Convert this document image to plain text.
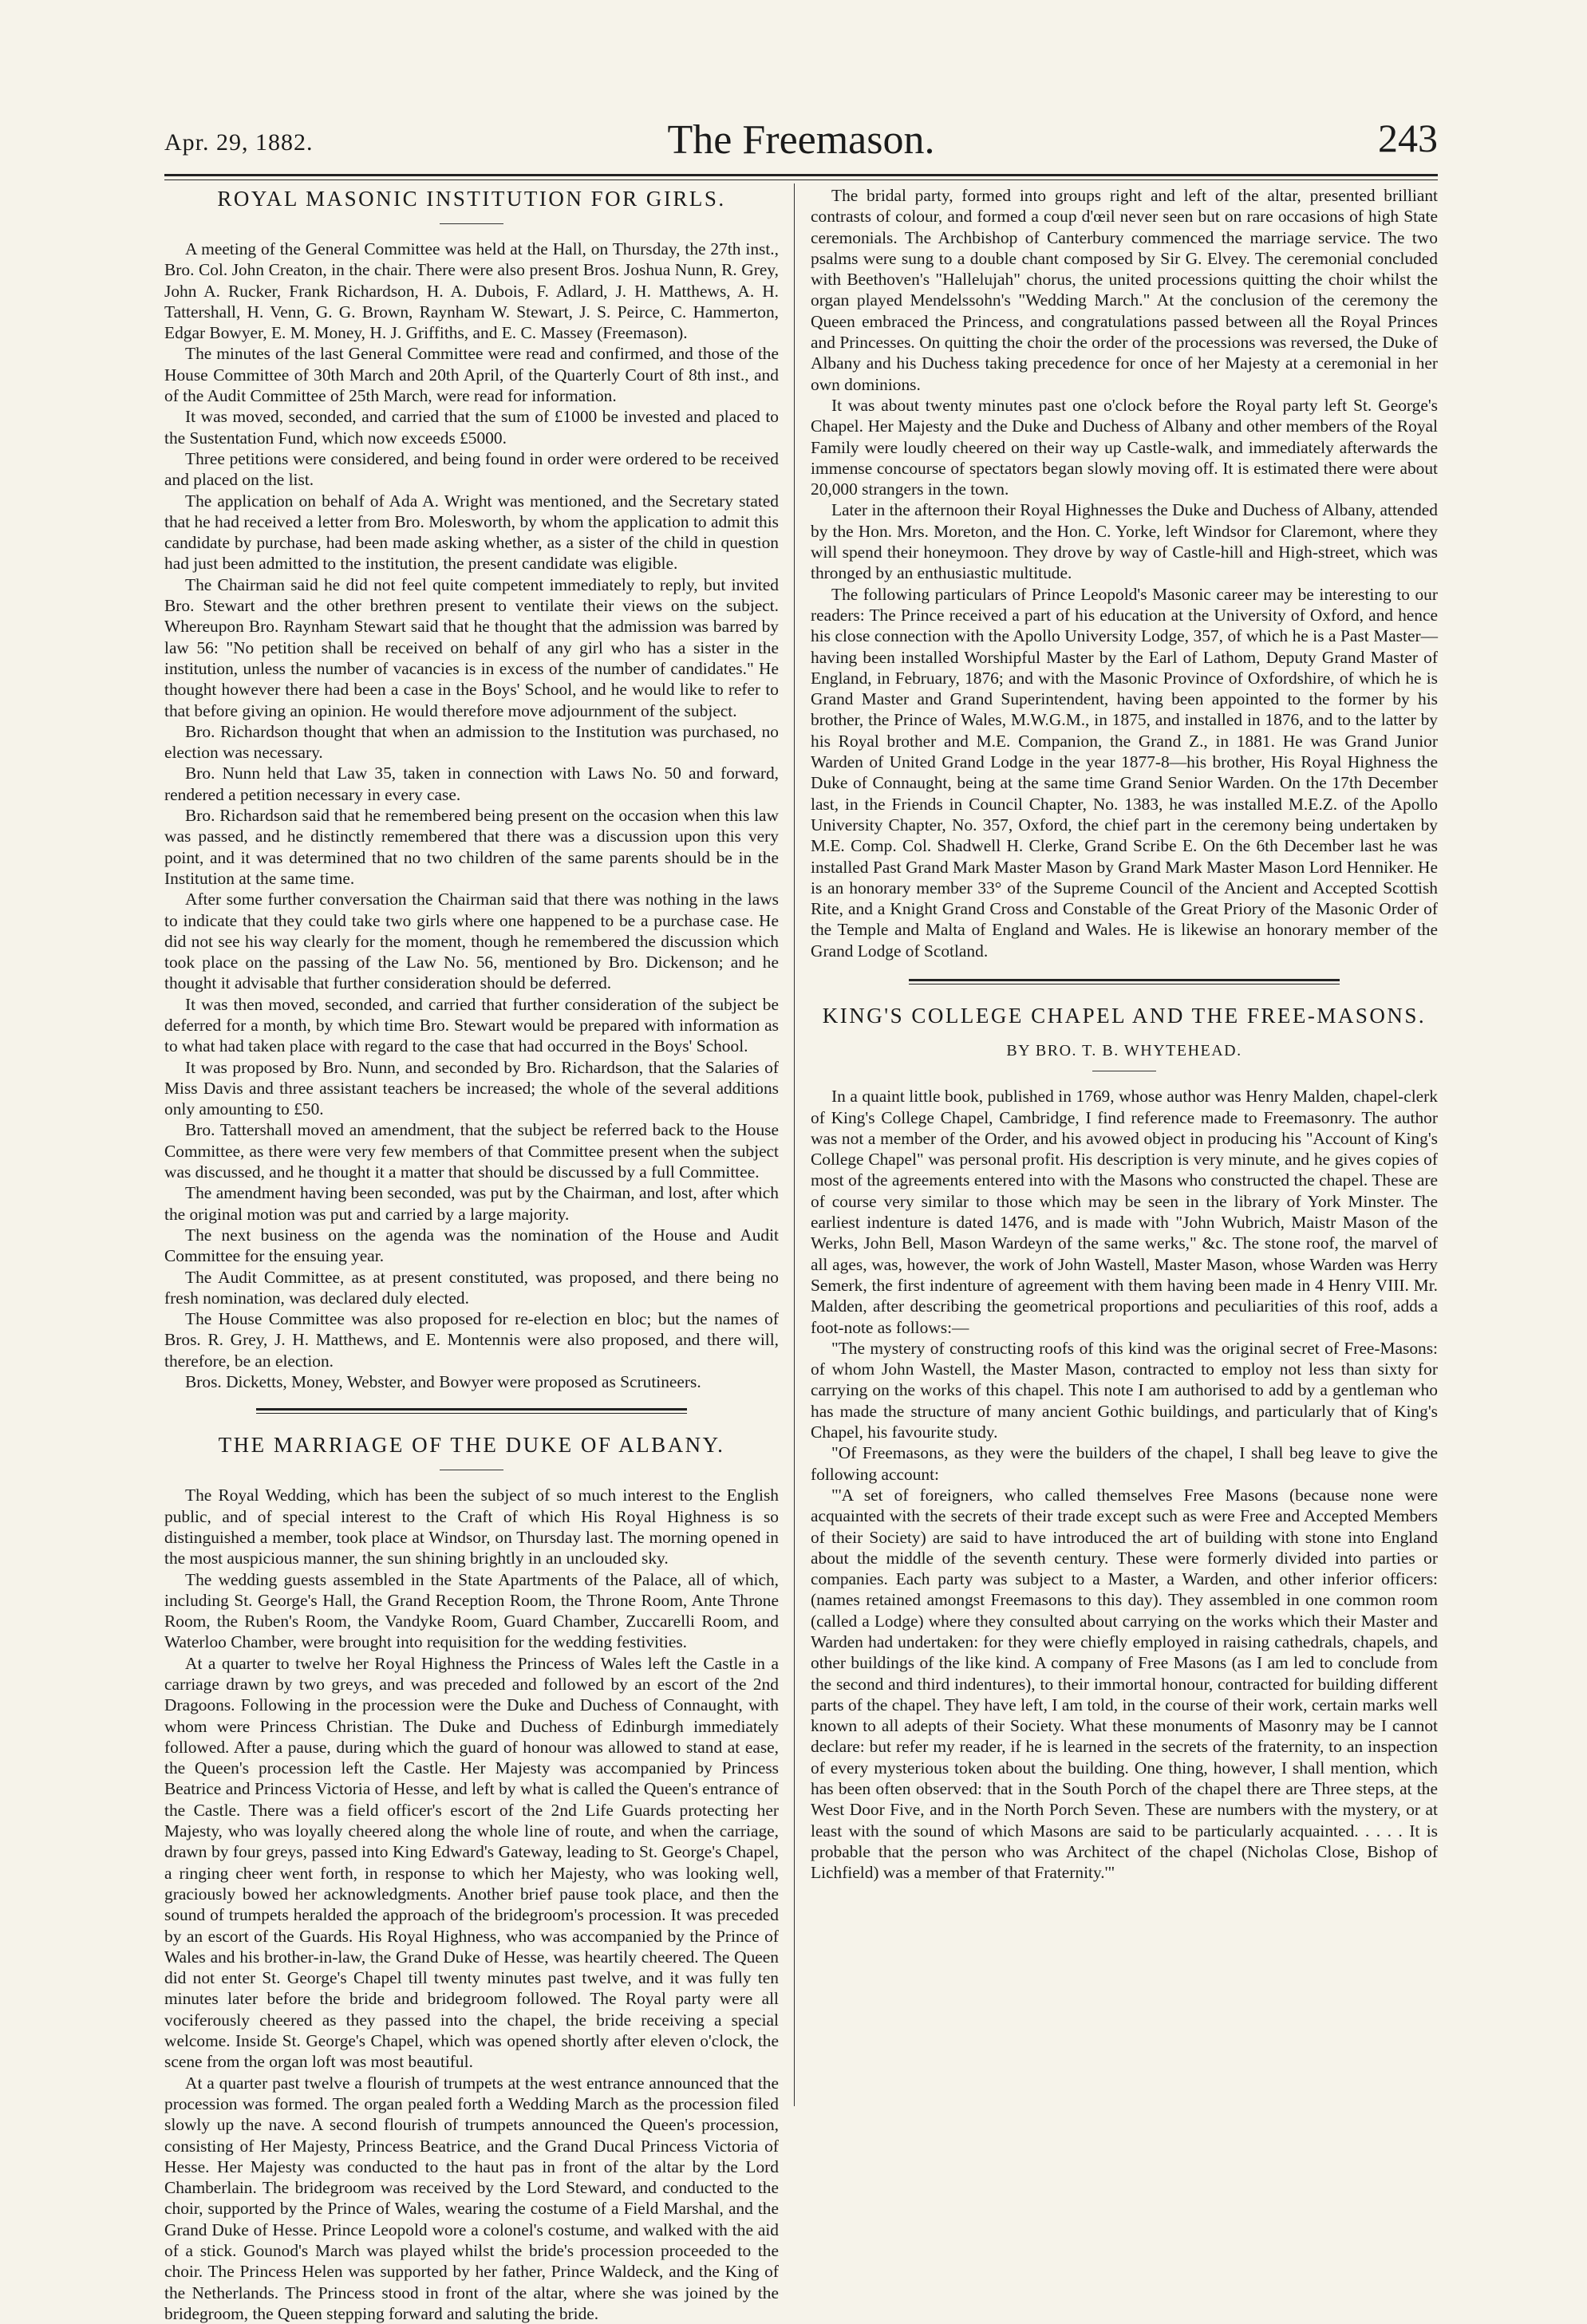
Apr. 29, 1882.	The Freemason.	243
ROYAL MASONIC INSTITUTION FOR GIRLS.

A meeting of the General Committee was held at the Hall, on Thursday, the 27th inst., Bro. Col. John Creaton, in the chair. There were also present Bros. Joshua Nunn, R. Grey, John A. Rucker, Frank Richardson, H. A. Dubois, F. Adlard, J. H. Matthews, A. H. Tattershall, H. Venn, G. G. Brown, Raynham W. Stewart, J. S. Peirce, C. Hammerton, Edgar Bowyer, E. M. Money, H. J. Griffiths, and E. C. Massey (Freemason).

The minutes of the last General Committee were read and confirmed, and those of the House Committee of 30th March and 20th April, of the Quarterly Court of 8th inst., and of the Audit Committee of 25th March, were read for information.

It was moved, seconded, and carried that the sum of £1000 be invested and placed to the Sustentation Fund, which now exceeds £5000.

Three petitions were considered, and being found in order were ordered to be received and placed on the list.

The application on behalf of Ada A. Wright was mentioned, and the Secretary stated that he had received a letter from Bro. Molesworth, by whom the application to admit this candidate by purchase, had been made asking whether, as a sister of the child in question had just been admitted to the institution, the present candidate was eligible.

The Chairman said he did not feel quite competent immediately to reply, but invited Bro. Stewart and the other brethren present to ventilate their views on the subject. Whereupon Bro. Raynham Stewart said that he thought that the admission was barred by law 56: "No petition shall be received on behalf of any girl who has a sister in the institution, unless the number of vacancies is in excess of the number of candidates." He thought however there had been a case in the Boys' School, and he would like to refer to that before giving an opinion. He would therefore move adjournment of the subject.

Bro. Richardson thought that when an admission to the Institution was purchased, no election was necessary.

Bro. Nunn held that Law 35, taken in connection with Laws No. 50 and forward, rendered a petition necessary in every case.

Bro. Richardson said that he remembered being present on the occasion when this law was passed, and he distinctly remembered that there was a discussion upon this very point, and it was determined that no two children of the same parents should be in the Institution at the same time.

After some further conversation the Chairman said that there was nothing in the laws to indicate that they could take two girls where one happened to be a purchase case. He did not see his way clearly for the moment, though he remembered the discussion which took place on the passing of the Law No. 56, mentioned by Bro. Dickenson; and he thought it advisable that further consideration should be deferred.

It was then moved, seconded, and carried that further consideration of the subject be deferred for a month, by which time Bro. Stewart would be prepared with information as to what had taken place with regard to the case that had occurred in the Boys' School.

It was proposed by Bro. Nunn, and seconded by Bro. Richardson, that the Salaries of Miss Davis and three assistant teachers be increased; the whole of the several additions only amounting to £50.

Bro. Tattershall moved an amendment, that the subject be referred back to the House Committee, as there were very few members of that Committee present when the subject was discussed, and he thought it a matter that should be discussed by a full Committee.

The amendment having been seconded, was put by the Chairman, and lost, after which the original motion was put and carried by a large majority.

The next business on the agenda was the nomination of the House and Audit Committee for the ensuing year.

The Audit Committee, as at present constituted, was proposed, and there being no fresh nomination, was declared duly elected.

The House Committee was also proposed for re-election en bloc; but the names of Bros. R. Grey, J. H. Matthews, and E. Montennis were also proposed, and there will, therefore, be an election.

Bros. Dicketts, Money, Webster, and Bowyer were proposed as Scrutineers.

THE MARRIAGE OF THE DUKE OF ALBANY.

The Royal Wedding, which has been the subject of so much interest to the English public, and of special interest to the Craft of which His Royal Highness is so distinguished a member, took place at Windsor, on Thursday last. The morning opened in the most auspicious manner, the sun shining brightly in an unclouded sky.

The wedding guests assembled in the State Apartments of the Palace, all of which, including St. George's Hall, the Grand Reception Room, the Throne Room, Ante Throne Room, the Ruben's Room, the Vandyke Room, Guard Chamber, Zuccarelli Room, and Waterloo Chamber, were brought into requisition for the wedding festivities.

At a quarter to twelve her Royal Highness the Princess of Wales left the Castle in a carriage drawn by two greys, and was preceded and followed by an escort of the 2nd Dragoons. Following in the procession were the Duke and Duchess of Connaught, with whom were Princess Christian. The Duke and Duchess of Edinburgh immediately followed. After a pause, during which the guard of honour was allowed to stand at ease, the Queen's procession left the Castle. Her Majesty was accompanied by Princess Beatrice and Princess Victoria of Hesse, and left by what is called the Queen's entrance of the Castle. There was a field officer's escort of the 2nd Life Guards protecting her Majesty, who was loyally cheered along the whole line of route, and when the carriage, drawn by four greys, passed into King Edward's Gateway, leading to St. George's Chapel, a ringing cheer went forth, in response to which her Majesty, who was looking well, graciously bowed her acknowledgments. Another brief pause took place, and then the sound of trumpets heralded the approach of the bridegroom's procession. It was preceded by an escort of the Guards. His Royal Highness, who was accompanied by the Prince of Wales and his brother-in-law, the Grand Duke of Hesse, was heartily cheered. The Queen did not enter St. George's Chapel till twenty minutes past twelve, and it was fully ten minutes later before the bride and bridegroom followed. The Royal party were all vociferously cheered as they passed into the chapel, the bride receiving a special welcome. Inside St. George's Chapel, which was opened shortly after eleven o'clock, the scene from the organ loft was most beautiful.

At a quarter past twelve a flourish of trumpets at the west entrance announced that the procession was formed. The organ pealed forth a Wedding March as the procession filed slowly up the nave. A second flourish of trumpets announced the Queen's procession, consisting of Her Majesty, Princess Beatrice, and the Grand Ducal Princess Victoria of Hesse. Her Majesty was conducted to the haut pas in front of the altar by the Lord Chamberlain. The bridegroom was received by the Lord Steward, and conducted to the choir, supported by the Prince of Wales, wearing the costume of a Field Marshal, and the Grand Duke of Hesse. Prince Leopold wore a colonel's costume, and walked with the aid of a stick. Gounod's March was played whilst the bride's procession proceeded to the choir. The Princess Helen was supported by her father, Prince Waldeck, and the King of the Netherlands. The Princess stood in front of the altar, where she was joined by the bridegroom, the Queen stepping forward and saluting the bride.

The bridal party, formed into groups right and left of the altar, presented brilliant contrasts of colour, and formed a coup d'œil never seen but on rare occasions of high State ceremonials. The Archbishop of Canterbury commenced the marriage service. The two psalms were sung to a double chant composed by Sir G. Elvey. The ceremonial concluded with Beethoven's "Hallelujah" chorus, the united processions quitting the choir whilst the organ played Mendelssohn's "Wedding March." At the conclusion of the ceremony the Queen embraced the Princess, and congratulations passed between all the Royal Princes and Princesses. On quitting the choir the order of the processions was reversed, the Duke of Albany and his Duchess taking precedence for once of her Majesty at a ceremonial in her own dominions.

It was about twenty minutes past one o'clock before the Royal party left St. George's Chapel. Her Majesty and the Duke and Duchess of Albany and other members of the Royal Family were loudly cheered on their way up Castle-walk, and immediately afterwards the immense concourse of spectators began slowly moving off. It is estimated there were about 20,000 strangers in the town.

Later in the afternoon their Royal Highnesses the Duke and Duchess of Albany, attended by the Hon. Mrs. Moreton, and the Hon. C. Yorke, left Windsor for Claremont, where they will spend their honeymoon. They drove by way of Castle-hill and High-street, which was thronged by an enthusiastic multitude.

The following particulars of Prince Leopold's Masonic career may be interesting to our readers: The Prince received a part of his education at the University of Oxford, and hence his close connection with the Apollo University Lodge, 357, of which he is a Past Master—having been installed Worshipful Master by the Earl of Lathom, Deputy Grand Master of England, in February, 1876; and with the Masonic Province of Oxfordshire, of which he is Grand Master and Grand Superintendent, having been appointed to the former by his brother, the Prince of Wales, M.W.G.M., in 1875, and installed in 1876, and to the latter by his Royal brother and M.E. Companion, the Grand Z., in 1881. He was Grand Junior Warden of United Grand Lodge in the year 1877-8—his brother, His Royal Highness the Duke of Connaught, being at the same time Grand Senior Warden. On the 17th December last, in the Friends in Council Chapter, No. 1383, he was installed M.E.Z. of the Apollo University Chapter, No. 357, Oxford, the chief part in the ceremony being undertaken by M.E. Comp. Col. Shadwell H. Clerke, Grand Scribe E. On the 6th December last he was installed Past Grand Mark Master Mason by Grand Mark Master Mason Lord Henniker. He is an honorary member 33° of the Supreme Council of the Ancient and Accepted Scottish Rite, and a Knight Grand Cross and Constable of the Great Priory of the Masonic Order of the Temple and Malta of England and Wales. He is likewise an honorary member of the Grand Lodge of Scotland.

KING'S COLLEGE CHAPEL AND THE FREE-MASONS.
BY BRO. T. B. WHYTEHEAD.

In a quaint little book, published in 1769, whose author was Henry Malden, chapel-clerk of King's College Chapel, Cambridge, I find reference made to Freemasonry. The author was not a member of the Order, and his avowed object in producing his "Account of King's College Chapel" was personal profit. His description is very minute, and he gives copies of most of the agreements entered into with the Masons who constructed the chapel. These are of course very similar to those which may be seen in the library of York Minster. The earliest indenture is dated 1476, and is made with "John Wubrich, Maistr Mason of the Werks, John Bell, Mason Wardeyn of the same werks," &c. The stone roof, the marvel of all ages, was, however, the work of John Wastell, Master Mason, whose Warden was Herry Semerk, the first indenture of agreement with them having been made in 4 Henry VIII. Mr. Malden, after describing the geometrical proportions and peculiarities of this roof, adds a foot-note as follows:—

"The mystery of constructing roofs of this kind was the original secret of Free-Masons: of whom John Wastell, the Master Mason, contracted to employ not less than sixty for carrying on the works of this chapel. This note I am authorised to add by a gentleman who has made the structure of many ancient Gothic buildings, and particularly that of King's Chapel, his favourite study.

"Of Freemasons, as they were the builders of the chapel, I shall beg leave to give the following account:

"'A set of foreigners, who called themselves Free Masons (because none were acquainted with the secrets of their trade except such as were Free and Accepted Members of their Society) are said to have introduced the art of building with stone into England about the middle of the seventh century. These were formerly divided into parties or companies. Each party was subject to a Master, a Warden, and other inferior officers: (names retained amongst Freemasons to this day). They assembled in one common room (called a Lodge) where they consulted about carrying on the works which their Master and Warden had undertaken: for they were chiefly employed in raising cathedrals, chapels, and other buildings of the like kind. A company of Free Masons (as I am led to conclude from the second and third indentures), to their immortal honour, contracted for building different parts of the chapel. They have left, I am told, in the course of their work, certain marks well known to all adepts of their Society. What these monuments of Masonry may be I cannot declare: but refer my reader, if he is learned in the secrets of the fraternity, to an inspection of every mysterious token about the building. One thing, however, I shall mention, which has been often observed: that in the South Porch of the chapel there are Three steps, at the West Door Five, and in the North Porch Seven. These are numbers with the mystery, or at least with the sound of which Masons are said to be particularly acquainted. . . . . It is probable that the person who was Architect of the chapel (Nicholas Close, Bishop of Lichfield) was a member of that Fraternity.'"
